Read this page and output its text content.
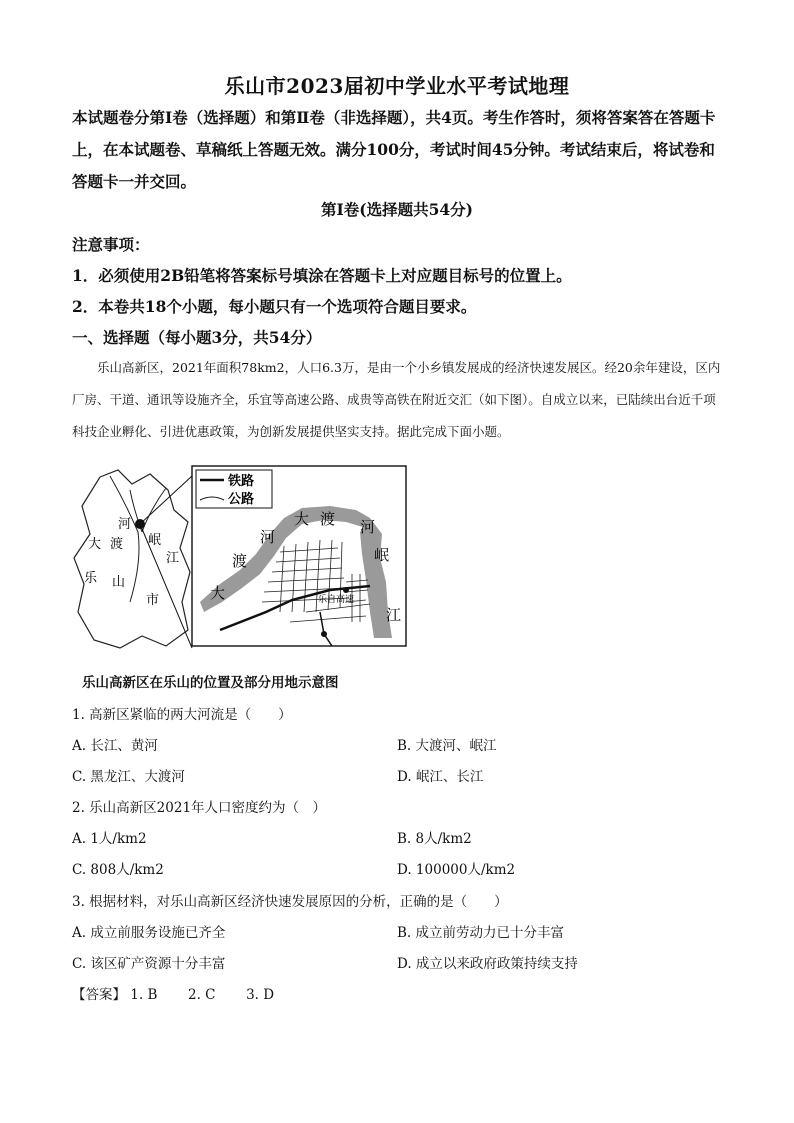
乐山市2023届初中学业水平考试地理
本试题卷分第Ⅰ卷（选择题）和第Ⅱ卷（非选择题），共4页。考生作答时，须将答案答在答题卡上，在本试题卷、草稿纸上答题无效。满分100分，考试时间45分钟。考试结束后，将试卷和答题卡一并交回。
第Ⅰ卷(选择题共54分)
注意事项：
1．必须使用2B铅笔将答案标号填涂在答题卡上对应题目标号的位置上。
2．本卷共18个小题，每小题只有一个选项符合题目要求。
一、选择题（每小题3分，共54分）
乐山高新区，2021年面积78km2，人口6.3万，是由一个小乡镇发展成的经济快速发展区。经20余年建设，区内厂房、干道、通讯等设施齐全，乐宜等高速公路、成贵等高铁在附近交汇（如下图）。自成立以来，已陆续出台近千项科技企业孵化、引进优惠政策，为创新发展提供坚实支持。据此完成下面小题。
河
大 渡 岷
江
乐 山
市
铁路
公路
大 渡 河
大
渡
河
岷
江
乐自高速
乐山高新区在乐山的位置及部分用地示意图
1. 高新区紧临的两大河流是（　　）
A. 长江、黄河	B. 大渡河、岷江
C. 黑龙江、大渡河	D. 岷江、长江
2. 乐山高新区2021年人口密度约为（　）
A. 1人/km2	B. 8人/km2
C. 808人/km2	D. 100000人/km2
3. 根据材料，对乐山高新区经济快速发展原因的分析，正确的是（　　）
A. 成立前服务设施已齐全	B. 成立前劳动力已十分丰富
C. 该区矿产资源十分丰富	D. 成立以来政府政策持续支持
【答案】 1. B 2. C 3. D
